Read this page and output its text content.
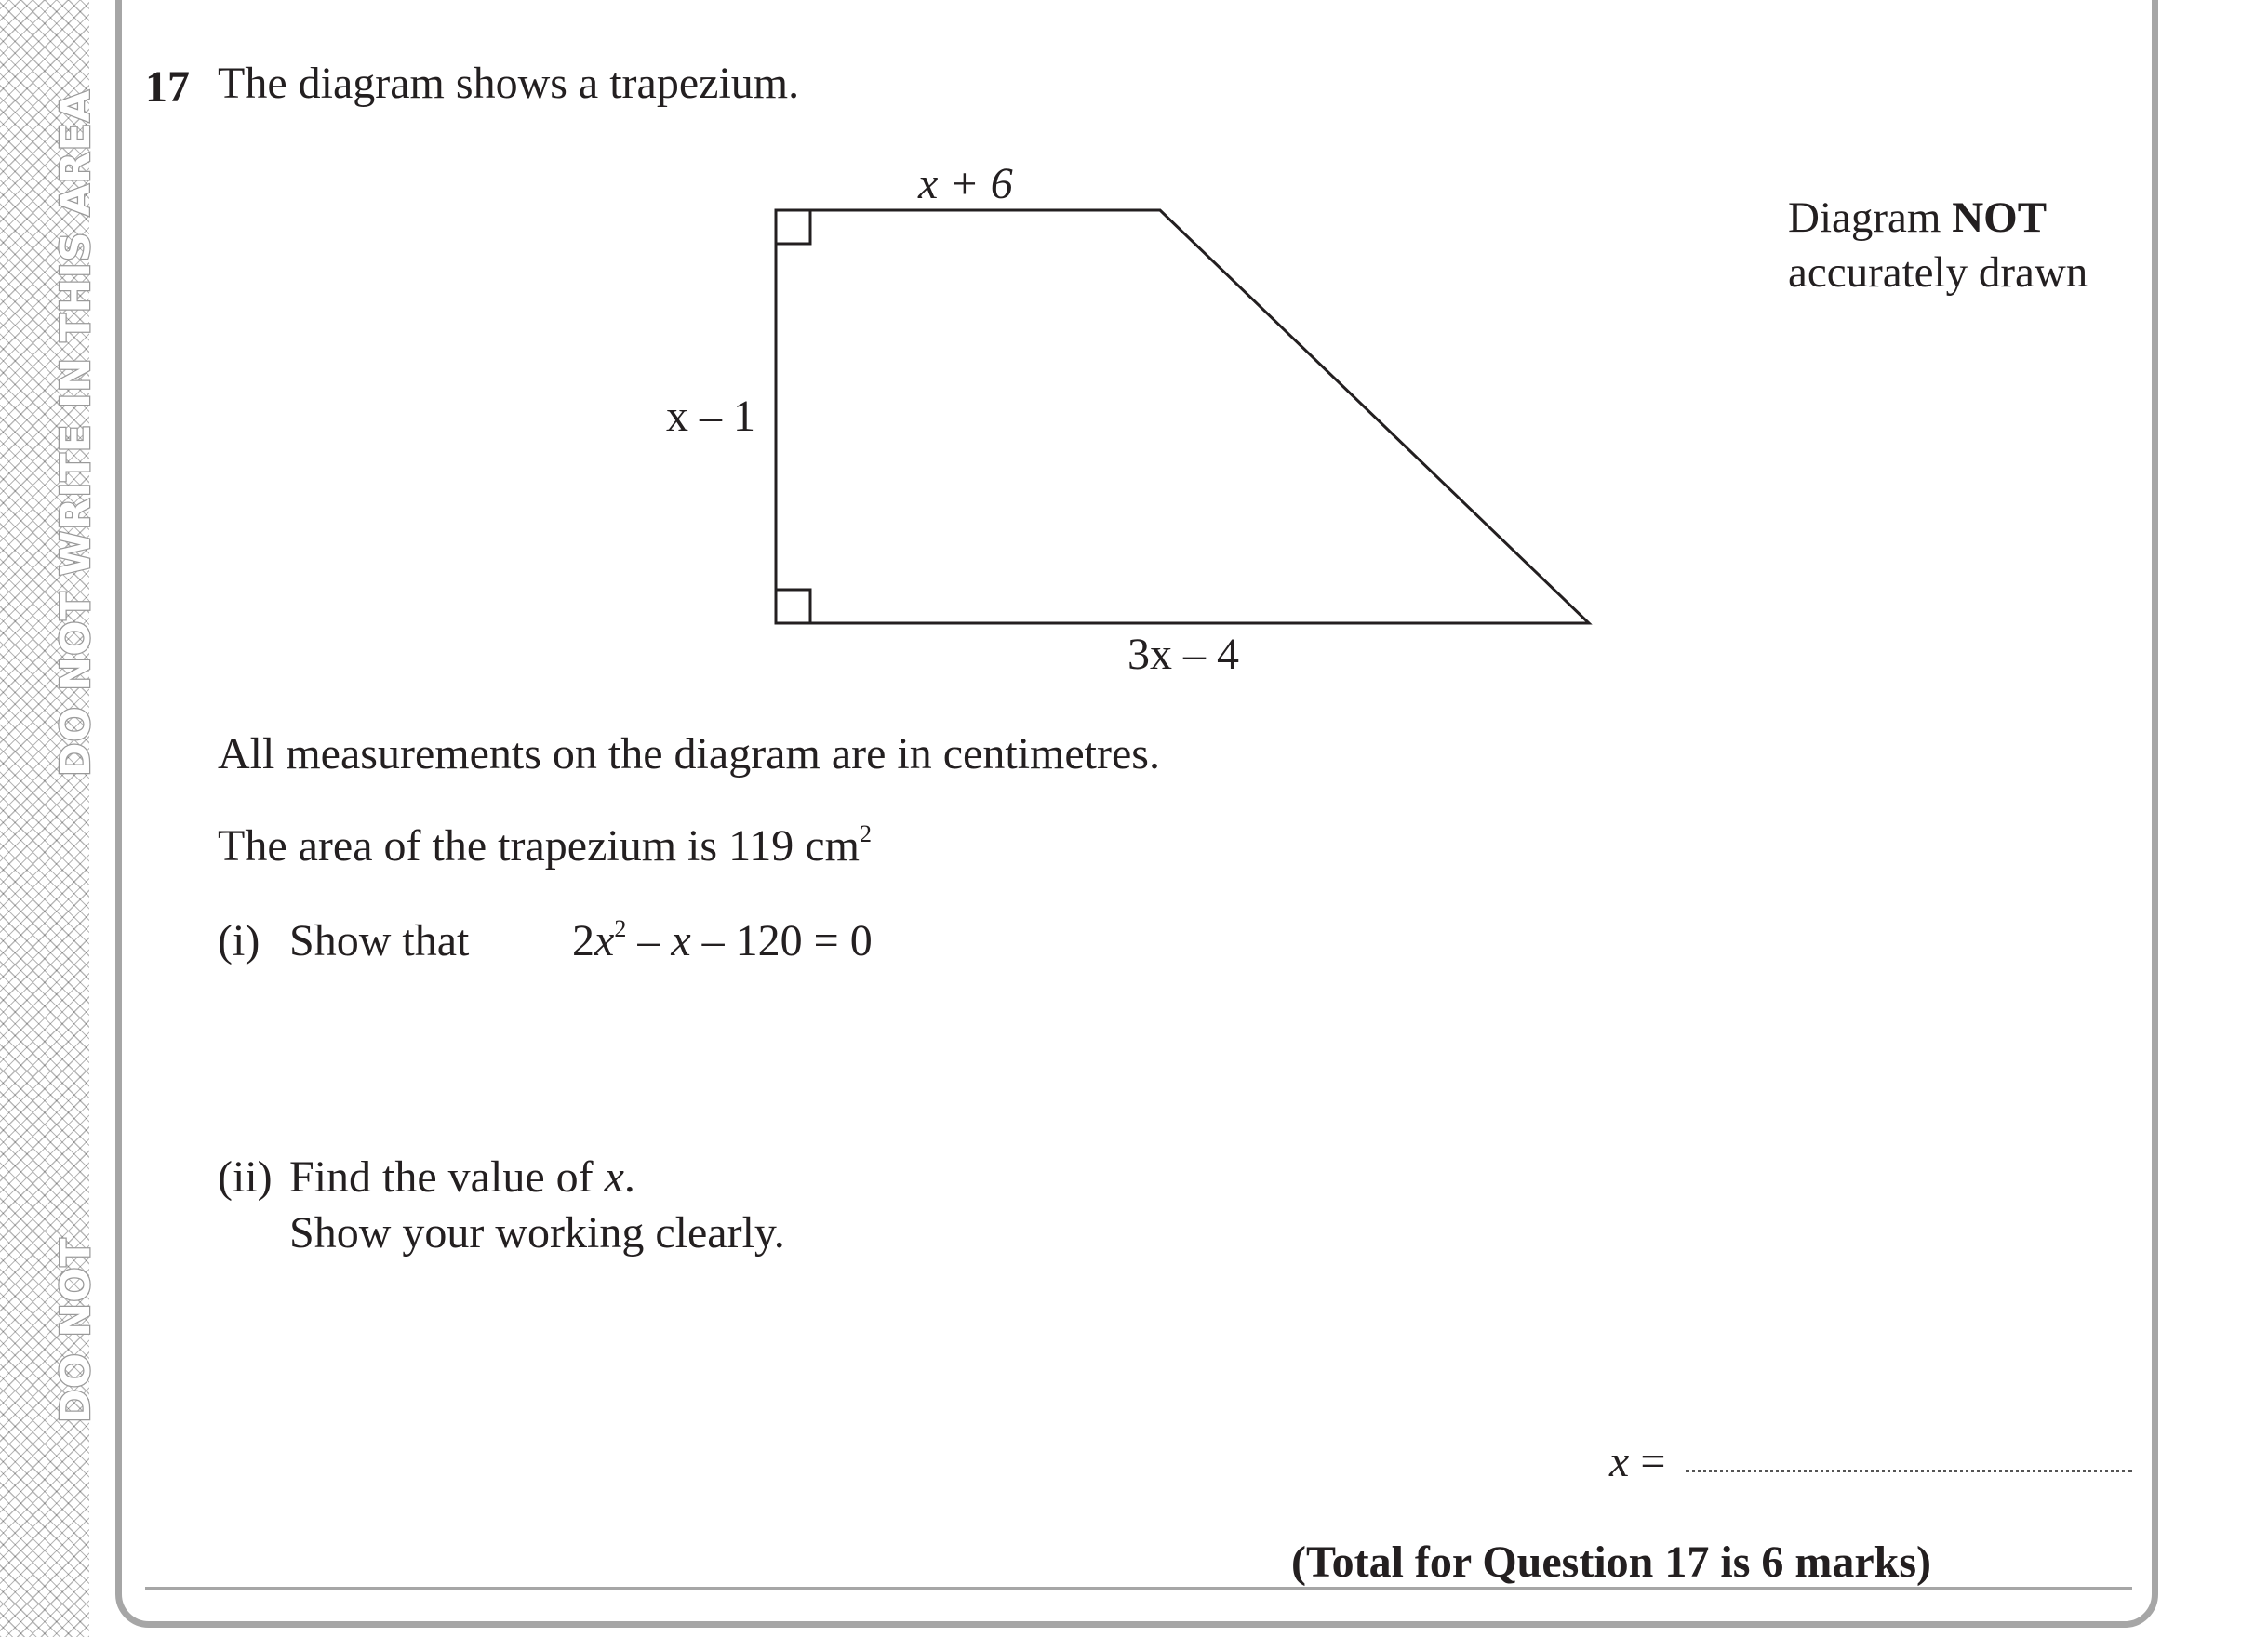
DO NOT WRITE IN THIS AREA
DO NOT
17 The diagram shows a trapezium.
x + 6
x – 1
3x – 4
Diagram NOT
accurately drawn
All measurements on the diagram are in centimetres.
The area of the trapezium is 119 $cm^2$
(i) Show that $2x^2 - x - 120 = 0$
(ii) Find the value of x.
Show your working clearly.
x =
(Total for Question 17 is 6 marks)
